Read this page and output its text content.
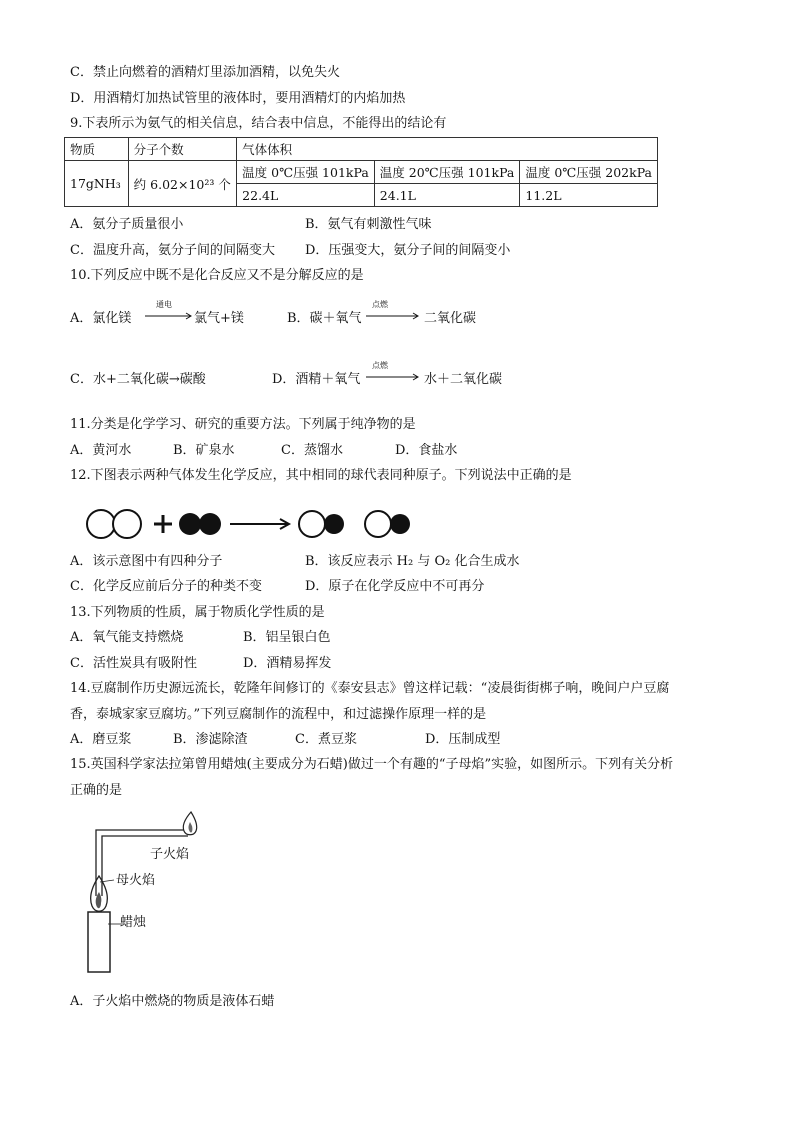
C．禁止向燃着的酒精灯里添加酒精，以免失火
D．用酒精灯加热试管里的液体时，要用酒精灯的内焰加热
9.下表所示为氨气的相关信息，结合表中信息，不能得出的结论有
物质	分子个数	气体体积		
17gNH₃	约 6.02×10²³ 个	温度 0℃压强 101kPa	温度 20℃压强 101kPa	温度 0℃压强 202kPa
		22.4L	24.1L	11.2L
A．氨分子质量很小	B．氨气有刺激性气味
C．温度升高，氨分子间的间隔变大 D．压强变大，氨分子间的间隔变小
10.下列反应中既不是化合反应又不是分解反应的是
A．氯化镁
通电
→ 氯气+镁	B．碳＋氧气
点燃
二氧化碳
C．水+二氧化碳→碳酸	D．酒精＋氧气
点燃
水＋二氧化碳
11.分类是化学学习、研究的重要方法。下列属于纯净物的是
A．黄河水	B．矿泉水	C．蒸馏水	D．食盐水
12.下图表示两种气体发生化学反应，其中相同的球代表同种原子。下列说法中正确的是
A．该示意图中有四种分子	B．该反应表示 H₂ 与 O₂ 化合生成水
C．化学反应前后分子的种类不变	D．原子在化学反应中不可再分
13.下列物质的性质，属于物质化学性质的是
A．氧气能支持燃烧	B．铝呈银白色
C．活性炭具有吸附性	D．酒精易挥发
14.豆腐制作历史源远流长，乾隆年间修订的《泰安县志》曾这样记载：“凌晨街街梆子响，晚间户户豆腐
香，泰城家家豆腐坊。”下列豆腐制作的流程中，和过滤操作原理一样的是
A．磨豆浆	B．渗滤除渣	C．煮豆浆	D．压制成型
15.英国科学家法拉第曾用蜡烛(主要成分为石蜡)做过一个有趣的“子母焰”实验，如图所示。下列有关分析
正确的是
子火焰
母火焰
蜡烛
A．子火焰中燃烧的物质是液体石蜡
